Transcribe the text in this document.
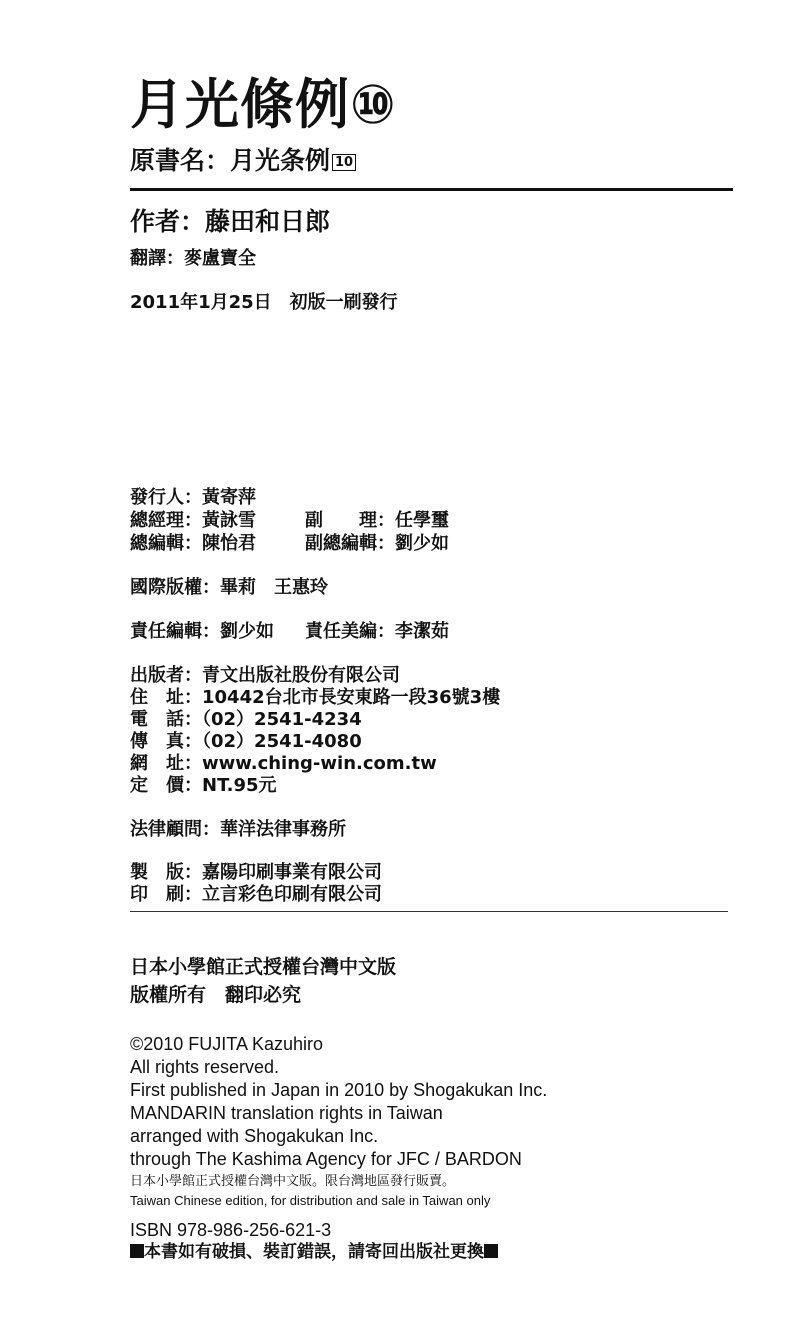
月光條例⑩
原書名：月光条例 10
作者：藤田和日郎
翻譯：麥盧寶全
2011年1月25日　初版一刷發行
發行人：黃寄萍
總經理：黃詠雪	副　　理：任學璽
總編輯：陳怡君	副總編輯：劉少如
國際版權：畢莉　王惠玲
責任編輯：劉少如 責任美編：李潔茹
出版者：青文出版社股份有限公司
住　址：10442台北市長安東路一段36號3樓
電　話：（02）2541-4234
傳　真：（02）2541-4080
網　址：www.ching-win.com.tw
定　價：NT.95元
法律顧問：華洋法律事務所
製　版：嘉陽印刷事業有限公司
印　刷：立言彩色印刷有限公司
日本小學館正式授權台灣中文版
版權所有　翻印必究
©2010 FUJITA Kazuhiro
All rights reserved.
First published in Japan in 2010 by Shogakukan Inc.
MANDARIN translation rights in Taiwan
arranged with Shogakukan Inc.
through The Kashima Agency for JFC / BARDON
日本小學館正式授權台灣中文版。限台灣地區發行販賣。
Taiwan Chinese edition, for distribution and sale in Taiwan only
ISBN 978-986-256-621-3
本書如有破損、裝訂錯誤，請寄回出版社更換
